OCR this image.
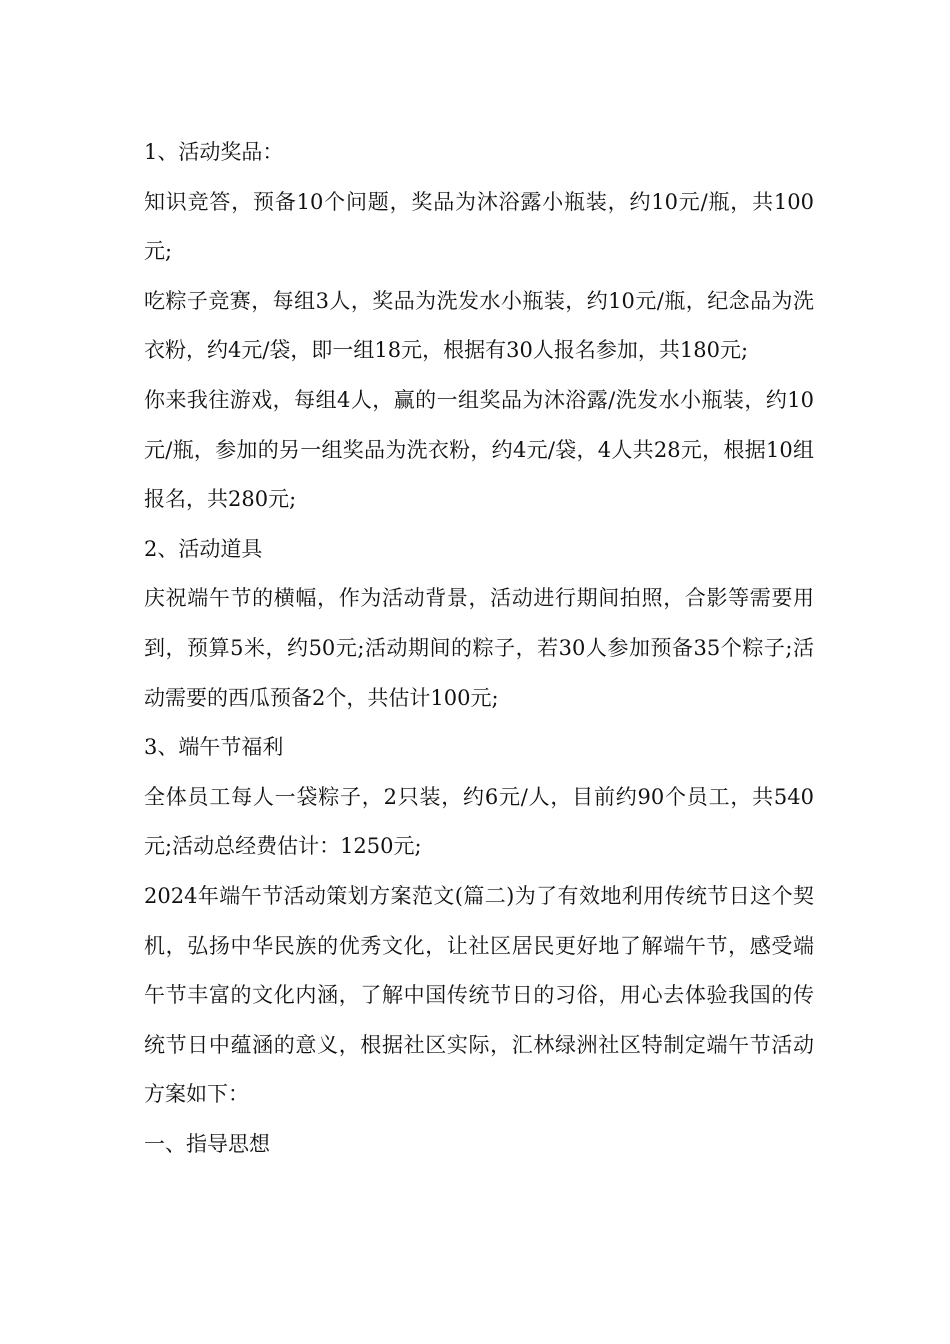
1、活动奖品：

知识竞答，预备10个问题，奖品为沐浴露小瓶装，约10元/瓶，共100元;

吃粽子竞赛，每组3人，奖品为洗发水小瓶装，约10元/瓶，纪念品为洗衣粉，约4元/袋，即一组18元，根据有30人报名参加，共180元;

你来我往游戏，每组4人，赢的一组奖品为沐浴露/洗发水小瓶装，约10元/瓶，参加的另一组奖品为洗衣粉，约4元/袋，4人共28元，根据10组报名，共280元;

2、活动道具

庆祝端午节的横幅，作为活动背景，活动进行期间拍照，合影等需要用到，预算5米，约50元;活动期间的粽子，若30人参加预备35个粽子;活动需要的西瓜预备2个，共估计100元;

3、端午节福利

全体员工每人一袋粽子，2只装，约6元/人，目前约90个员工，共540元;活动总经费估计：1250元;

2024年端午节活动策划方案范文(篇二)为了有效地利用传统节日这个契机，弘扬中华民族的优秀文化，让社区居民更好地了解端午节，感受端午节丰富的文化内涵，了解中国传统节日的习俗，用心去体验我国的传统节日中蕴涵的意义，根据社区实际，汇林绿洲社区特制定端午节活动方案如下：

一、指导思想
